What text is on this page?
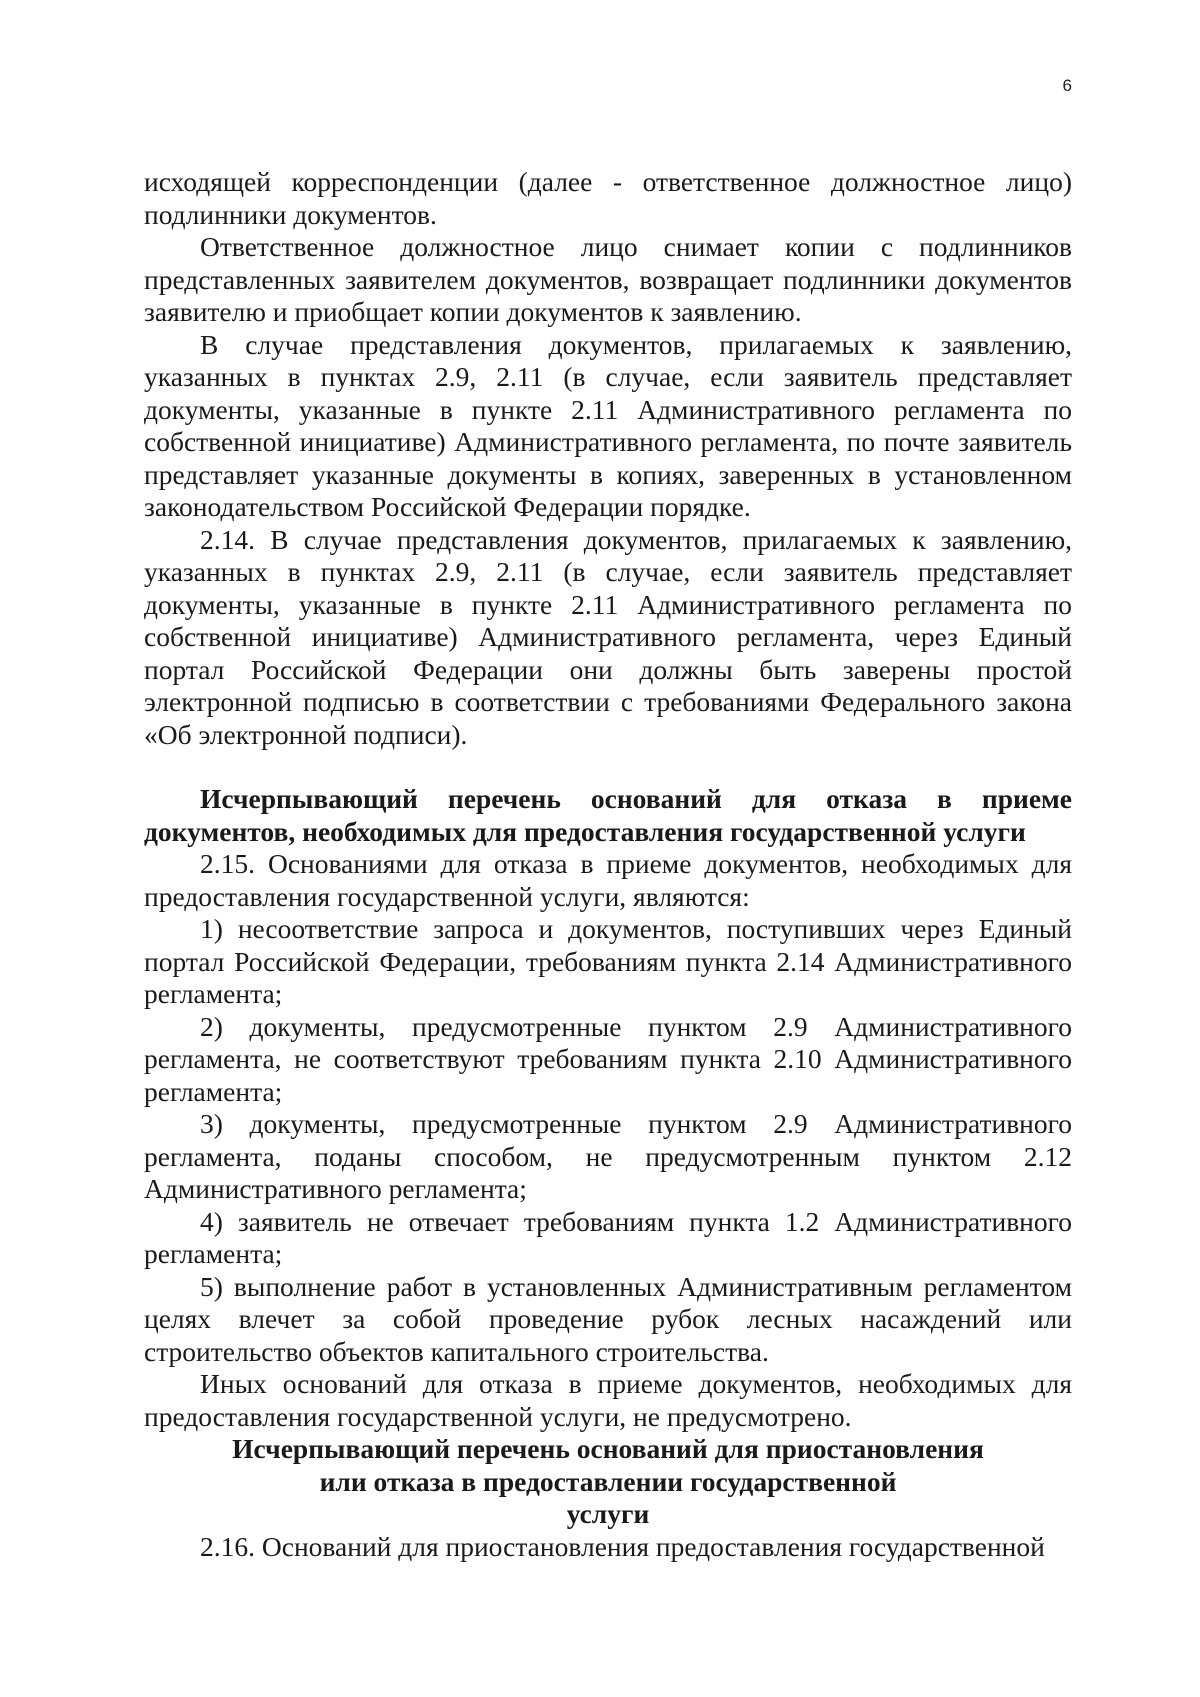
6

исходящей корреспонденции (далее - ответственное должностное лицо) подлинники документов.

Ответственное должностное лицо снимает копии с подлинников представленных заявителем документов, возвращает подлинники документов заявителю и приобщает копии документов к заявлению.

В случае представления документов, прилагаемых к заявлению, указанных в пунктах 2.9, 2.11 (в случае, если заявитель представляет документы, указанные в пункте 2.11 Административного регламента по собственной инициативе) Административного регламента, по почте заявитель представляет указанные документы в копиях, заверенных в установленном законодательством Российской Федерации порядке.

2.14. В случае представления документов, прилагаемых к заявлению, указанных в пунктах 2.9, 2.11 (в случае, если заявитель представляет документы, указанные в пункте 2.11 Административного регламента по собственной инициативе) Административного регламента, через Единый портал Российской Федерации они должны быть заверены простой электронной подписью в соответствии с требованиями Федерального закона «Об электронной подписи).

Исчерпывающий перечень оснований для отказа в приеме документов, необходимых для предоставления государственной услуги

2.15. Основаниями для отказа в приеме документов, необходимых для предоставления государственной услуги, являются:

1) несоответствие запроса и документов, поступивших через Единый портал Российской Федерации, требованиям пункта 2.14 Административного регламента;

2) документы, предусмотренные пунктом 2.9 Административного регламента, не соответствуют требованиям пункта 2.10 Административного регламента;

3) документы, предусмотренные пунктом 2.9 Административного регламента, поданы способом, не предусмотренным пунктом 2.12 Административного регламента;

4) заявитель не отвечает требованиям пункта 1.2 Административного регламента;

5) выполнение работ в установленных Административным регламентом целях влечет за собой проведение рубок лесных насаждений или строительство объектов капитального строительства.

Иных оснований для отказа в приеме документов, необходимых для предоставления государственной услуги, не предусмотрено.

Исчерпывающий перечень оснований для приостановления
или отказа в предоставлении государственной
услуги

2.16. Оснований для приостановления предоставления государственной
